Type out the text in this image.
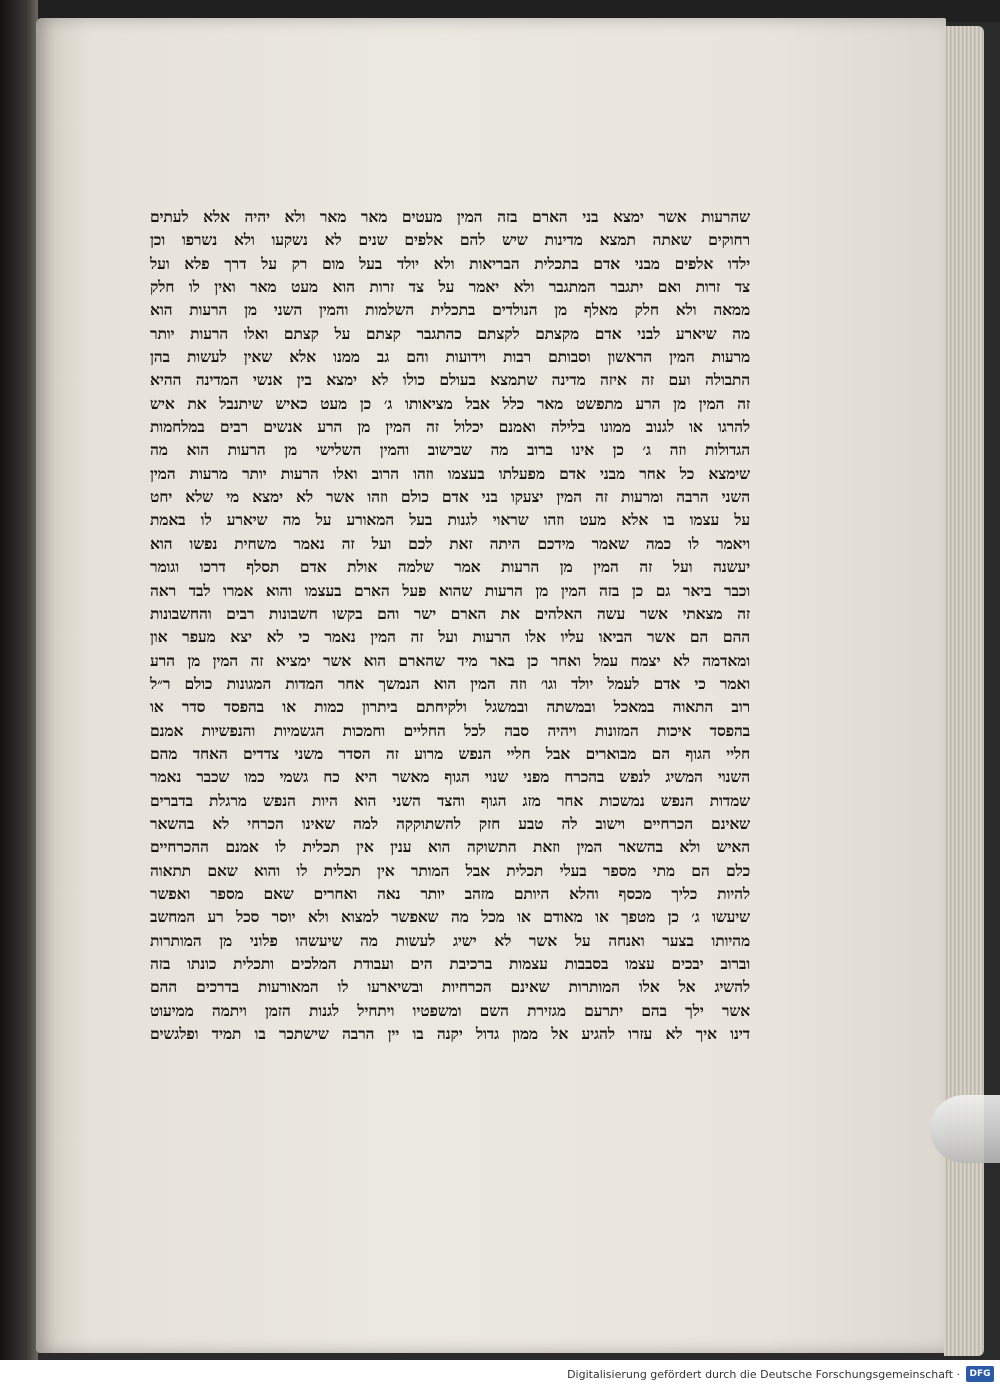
שהרעות אשר ימצא בני הארם בזה המין מעטים מאר מאר ולא יהיה אלא לעתים
רחוקים שאתה תמצא מדינות שיש להם אלפים שנים לא נשקעו ולא נשרפו וכן
ילדו אלפים מבני אדם בתכלית הבריאות ולא יולד בעל מום רק על דרך פלא ועל
צד זרות ואם יתגבר המתגבר ולא יאמר על צד זרות הוא מעט מאר ואין לו חלק
ממאה ולא חלק מאלף מן הנולדים בתכלית השלמות והמין השני מן הרעות הוא
מה שיארע לבני אדם מקצתם לקצתם כהתגבר קצתם על קצתם ואלו הרעות יותר
מרעות המין הראשון וסבותם רבות וידועות והם גב ממנו אלא שאין לעשות בהן
התבולה ועם זה איזה מדינה שתמצא בעולם כולו לא ימצא בין אנשי המדינה ההיא
זה המין מן הרע מתפשט מאר כלל אבל מציאותו ג׳ כן מעט כאיש שיתנבל את איש
להרגו או לגנוב ממונו בלילה ואמנם יכלול זה המין מן הרע אנשים רבים במלחמות
הגדולות וזה ג׳ כן אינו ברוב מה שבישוב והמין השלישי מן הרעות הוא מה
שימצא כל אחר מבני אדם מפעלתו בעצמו וזהו הרוב ואלו הרעות יותר מרעות המין
השני הרבה ומרעות זה המין יצעקו בני אדם כולם וזהו אשר לא ימצא מי שלא יחט
על עצמו בו אלא מעט וזהו שראוי לגנות בעל המאורע על מה שיארע לו באמת
ויאמר לו כמה שאמר מידכם היתה זאת לכם ועל זה נאמר משחית נפשו הוא
יעשנה ועל זה המין מן הרעות אמר שלמה אולת אדם תסלף דרכו וגומר
וכבר ביאר גם כן בזה המין מן הרעות שהוא פעל הארם בעצמו והוא אמרו לבד ראה
זה מצאתי אשר עשה האלהים את הארם ישר והם בקשו חשבונות רבים והחשבונות
ההם הם אשר הביאו עליו אלו הרעות ועל זה המין נאמר כי לא יצא מעפר און
ומאדמה לא יצמח עמל ואחר כן באר מיד שהארם הוא אשר ימציא זה המין מן הרע
ואמר כי אדם לעמל יולד וגו׳ וזה המין הוא הנמשך אחר המדות המגונות כולם ר״ל
רוב התאוה במאכל ובמשתה ובמשגל ולקיחתם ביתרון כמות או בהפסד סדר או
בהפסד איכות המזונות ויהיה סבה לכל החליים וחמכות הגשמיות והנפשיות אמנם
חליי הגוף הם מבוארים אבל חליי הנפש מרוע זה הסדר משני צדדים האחד מהם
השנוי המשיג לנפש בהכרח מפני שנוי הגוף מאשר היא כח גשמי כמו שכבר נאמר
שמדות הנפש נמשכות אחר מזג הגוף והצד השני הוא היות הנפש מרגלת בדברים
שאינם הכרחיים וישוב לה טבע חזק להשתוקקה למה שאינו הכרחי לא בהשאר
האיש ולא בהשאר המין וזאת התשוקה הוא ענין אין תכלית לו אמנם ההכרחיים
כלם הם מתי מספר בעלי תכלית אבל המותר אין תכלית לו והוא שאם תתאוה
להיות כליך מכסף והלא היותם מזהב יותר נאה ואחרים שאם מספר ואפשר
שיעשו ג׳ כן מטפך או מאודם או מכל מה שאפשר למצוא ולא יוסר סכל רע המחשב
מהיותו בצער ואנחה על אשר לא ישיג לעשות מה שיעשהו פלוני מן המותרות
וברוב יבכים עצמו בסבבות עצמות ברכיבת הים ועבודת המלכים ותכלית כונתו בזה
להשיג אל אלו המותרות שאינם הכרחיות ובשיארעו לו המאורעות בדרכים ההם
אשר ילך בהם יתרעם מגזירת השם ומשפטיו ויתחיל לגנות הזמן ויתמה ממיעוט
דינו איך לא עזרו להגיע אל ממון גדול יקנה בו יין הרבה שישתכר בו תמיד ופלגשים
Digitalisierung gefördert durch die Deutsche Forschungsgemeinschaft ·	DFG
